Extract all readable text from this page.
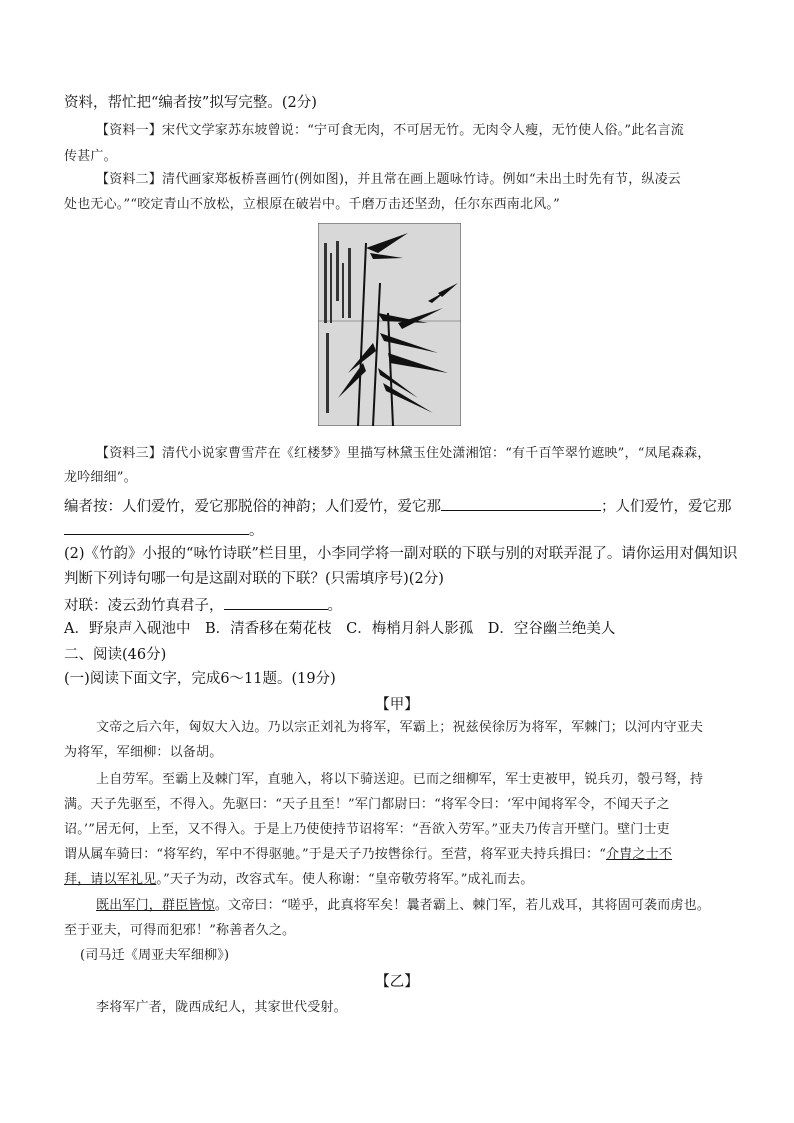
资料，帮忙把“编者按”拟写完整。(2分)
【资料一】宋代文学家苏东坡曾说：“宁可食无肉，不可居无竹。无肉令人瘦，无竹使人俗。”此名言流
传甚广。
【资料二】清代画家郑板桥喜画竹(例如图)，并且常在画上题咏竹诗。例如“未出土时先有节，纵凌云
处也无心。”“咬定青山不放松，立根原在破岩中。千磨万击还坚劲，任尔东西南北风。”
【资料三】清代小说家曹雪芹在《红楼梦》里描写林黛玉住处潇湘馆：“有千百竿翠竹遮映”，“凤尾森森，
龙吟细细”。
编者按：人们爱竹，爱它那脱俗的神韵；人们爱竹，爱它那	；人们爱竹，爱它那
。
(2)《竹韵》小报的“咏竹诗联”栏目里，小李同学将一副对联的下联与别的对联弄混了。请你运用对偶知识
判断下列诗句哪一句是这副对联的下联？(只需填序号)(2分)
对联：凌云劲竹真君子，	。
A．野泉声入砚池中　B．清香移在菊花枝　C．梅梢月斜人影孤　D．空谷幽兰绝美人
二、阅读(46分)
(一)阅读下面文字，完成6～11题。(19分)
【甲】
文帝之后六年，匈奴大入边。乃以宗正刘礼为将军，军霸上；祝兹侯徐厉为将军，军棘门；以河内守亚夫
为将军，军细柳：以备胡。
上自劳军。至霸上及棘门军，直驰入，将以下骑送迎。已而之细柳军，军士吏被甲，锐兵刃，彀弓弩，持
满。天子先驱至，不得入。先驱曰：“天子且至！”军门都尉曰：“将军令曰：‘军中闻将军令，不闻天子之
诏。’”居无何，上至，又不得入。于是上乃使使持节诏将军：“吾欲入劳军。”亚夫乃传言开壁门。壁门士吏
谓从属车骑曰：“将军约，军中不得驱驰。”于是天子乃按辔徐行。至营，将军亚夫持兵揖曰：“介胄之士不
拜，请以军礼见。”天子为动，改容式车。使人称谢：“皇帝敬劳将军。”成礼而去。
既出军门，群臣皆惊。文帝曰：“嗟乎，此真将军矣！曩者霸上、棘门军，若儿戏耳，其将固可袭而虏也。
至于亚夫，可得而犯邪！”称善者久之。
(司马迁《周亚夫军细柳》)
【乙】
李将军广者，陇西成纪人，其家世代受射。
